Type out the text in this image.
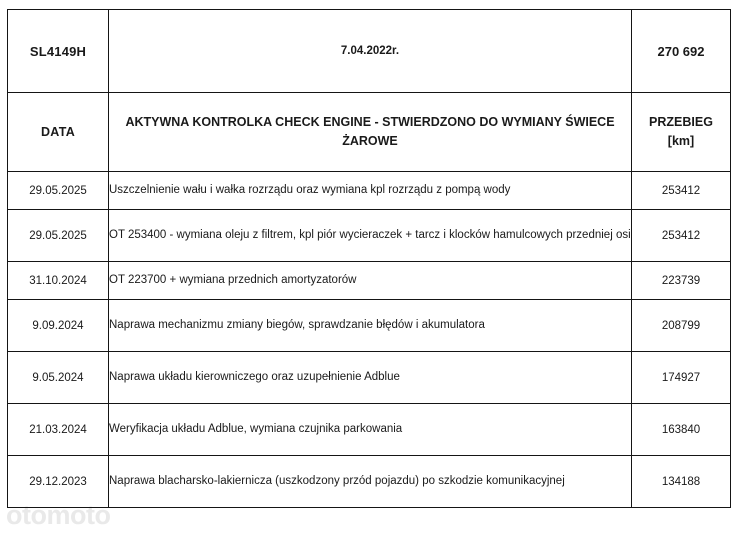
otomoto
SL4149H	7.04.2022r.	270 692
DATA	AKTYWNA KONTROLKA CHECK ENGINE - STWIERDZONO DO WYMIANY ŚWIECE ŻAROWE	PRZEBIEG
[km]

29.05.2025	Uszczelnienie wału i wałka rozrządu oraz wymiana kpl rozrządu z pompą wody	253412
29.05.2025	OT 253400 - wymiana oleju z filtrem, kpl piór wycieraczek + tarcz i klocków hamulcowych przedniej osi	253412
31.10.2024	OT 223700 + wymiana przednich amortyzatorów	223739
9.09.2024	Naprawa mechanizmu zmiany biegów, sprawdzanie błędów i akumulatora	208799
9.05.2024	Naprawa układu kierowniczego oraz uzupełnienie Adblue	174927
21.03.2024	Weryfikacja układu Adblue, wymiana czujnika parkowania	163840
29.12.2023	Naprawa blacharsko-lakiernicza (uszkodzony przód pojazdu) po szkodzie komunikacyjnej	134188
